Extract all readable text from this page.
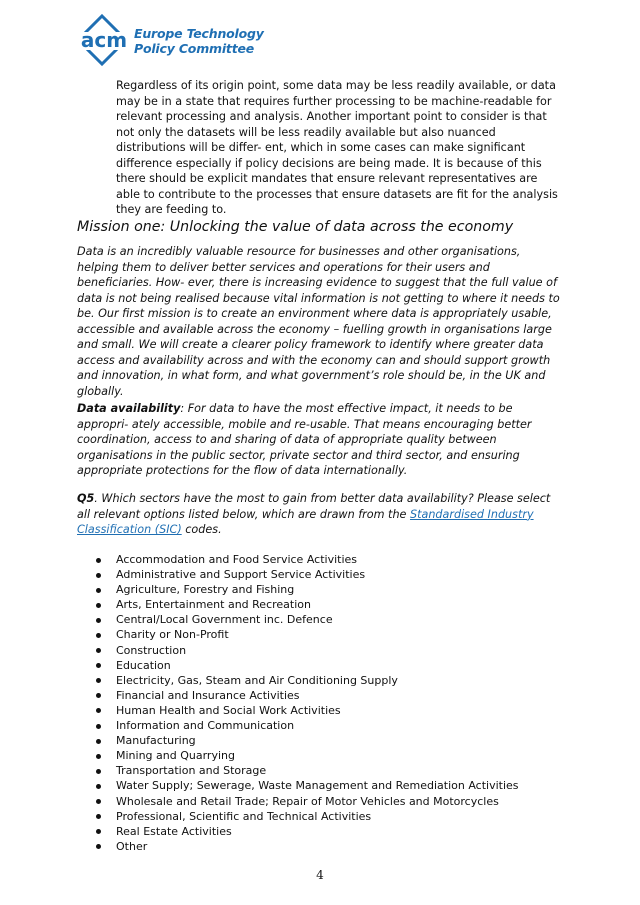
acm Europe Technology
Policy Committee

Regardless of its origin point, some data may be less readily available, or data may be in a state that requires further processing to be machine-readable for relevant processing and analysis. Another important point to consider is that not only the datasets will be less readily available but also nuanced distributions will be differ- ent, which in some cases can make significant difference especially if policy decisions are being made. It is because of this there should be explicit mandates that ensure relevant representatives are able to contribute to the processes that ensure datasets are fit for the analysis they are feeding to.

Mission one: Unlocking the value of data across the economy

Data is an incredibly valuable resource for businesses and other organisations, helping them to deliver better services and operations for their users and beneficiaries. How- ever, there is increasing evidence to suggest that the full value of data is not being realised because vital information is not getting to where it needs to be. Our first mission is to create an environment where data is appropriately usable, accessible and available across the economy – fuelling growth in organisations large and small. We will create a clearer policy framework to identify where greater data access and availability across and with the economy can and should support growth and innovation, in what form, and what government’s role should be, in the UK and globally.

Data availability: For data to have the most effective impact, it needs to be appropri- ately accessible, mobile and re-usable. That means encouraging better coordination, access to and sharing of data of appropriate quality between organisations in the public sector, private sector and third sector, and ensuring appropriate protections for the flow of data internationally.

Q5. Which sectors have the most to gain from better data availability? Please select all relevant options listed below, which are drawn from the Standardised Industry Classification (SIC) codes.

Accommodation and Food Service Activities
Administrative and Support Service Activities
Agriculture, Forestry and Fishing
Arts, Entertainment and Recreation
Central/Local Government inc. Defence
Charity or Non-Profit
Construction
Education
Electricity, Gas, Steam and Air Conditioning Supply
Financial and Insurance Activities
Human Health and Social Work Activities
Information and Communication
Manufacturing
Mining and Quarrying
Transportation and Storage
Water Supply; Sewerage, Waste Management and Remediation Activities
Wholesale and Retail Trade; Repair of Motor Vehicles and Motorcycles
Professional, Scientific and Technical Activities
Real Estate Activities
Other
4
